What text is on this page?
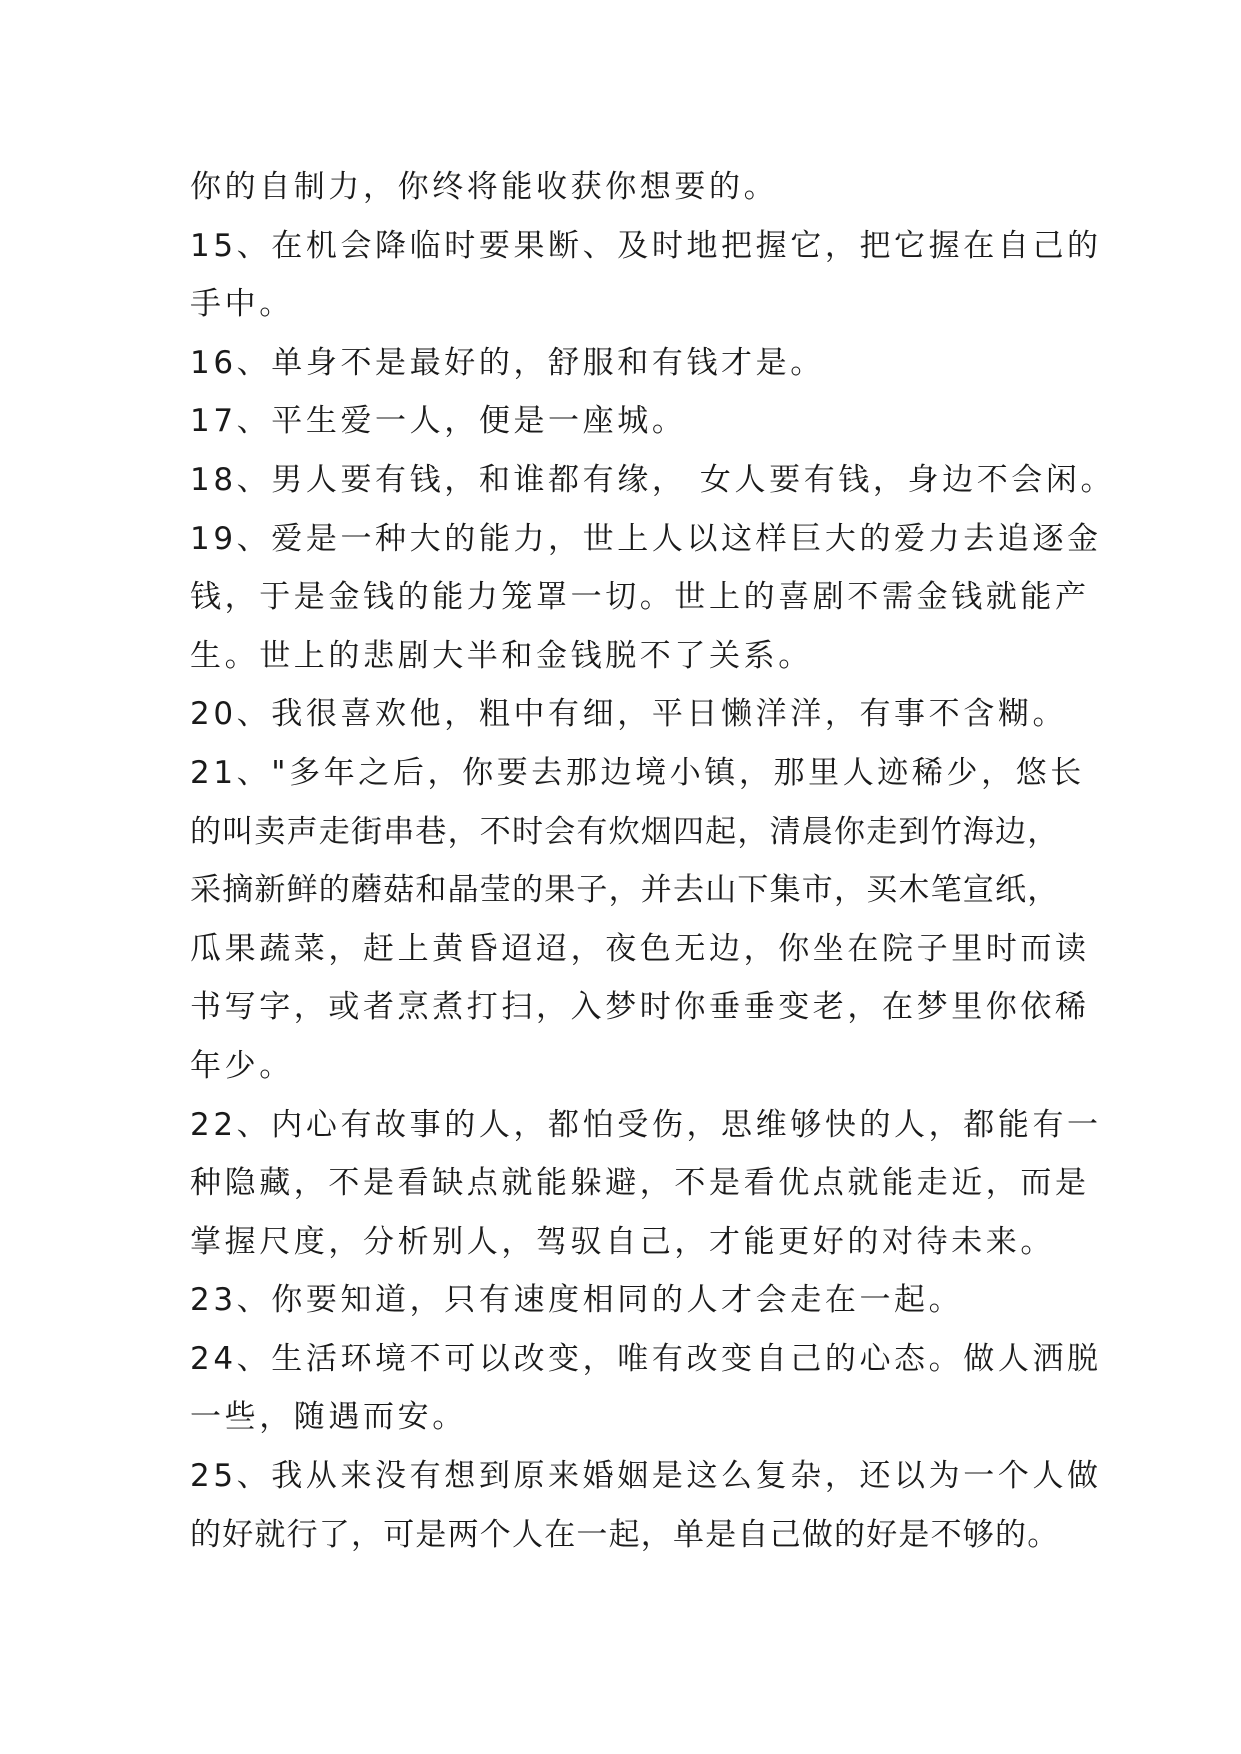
你的自制力，你终将能收获你想要的。
15、在机会降临时要果断、及时地把握它，把它握在自己的
手中。
16、单身不是最好的，舒服和有钱才是。
17、平生爱一人，便是一座城。
18、男人要有钱，和谁都有缘， 女人要有钱，身边不会闲。
19、爱是一种大的能力，世上人以这样巨大的爱力去追逐金
钱，于是金钱的能力笼罩一切。世上的喜剧不需金钱就能产
生。世上的悲剧大半和金钱脱不了关系。
20、我很喜欢他，粗中有细，平日懒洋洋，有事不含糊。
21、"多年之后，你要去那边境小镇，那里人迹稀少，悠长
的叫卖声走街串巷，不时会有炊烟四起，清晨你走到竹海边，
采摘新鲜的蘑菇和晶莹的果子，并去山下集市，买木笔宣纸，
瓜果蔬菜，赶上黄昏迢迢，夜色无边，你坐在院子里时而读
书写字，或者烹煮打扫，入梦时你垂垂变老，在梦里你依稀
年少。
22、内心有故事的人，都怕受伤，思维够快的人，都能有一
种隐藏，不是看缺点就能躲避，不是看优点就能走近，而是
掌握尺度，分析别人，驾驭自己，才能更好的对待未来。
23、你要知道，只有速度相同的人才会走在一起。
24、生活环境不可以改变，唯有改变自己的心态。做人洒脱
一些，随遇而安。
25、我从来没有想到原来婚姻是这么复杂，还以为一个人做
的好就行了，可是两个人在一起，单是自己做的好是不够的。
